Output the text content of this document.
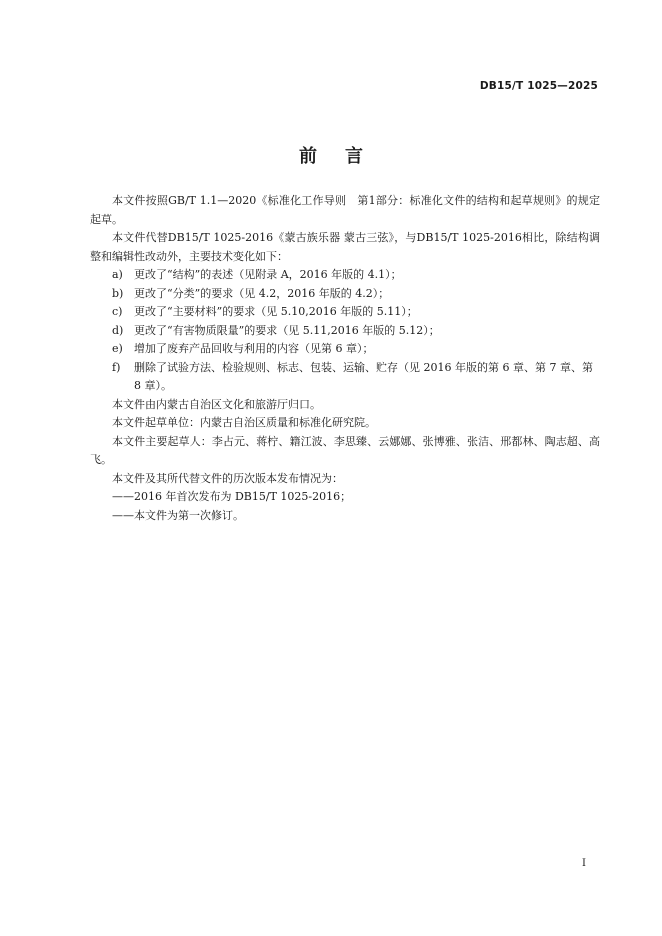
DB15/T 1025—2025
前言

本文件按照GB/T 1.1—2020《标准化工作导则　第1部分：标准化文件的结构和起草规则》的规定起草。

本文件代替DB15/T 1025-2016《蒙古族乐器 蒙古三弦》，与DB15/T 1025-2016相比，除结构调整和编辑性改动外，主要技术变化如下：

a)	更改了“结构”的表述（见附录 A，2016 年版的 4.1）；
b) 更改了“分类”的要求（见 4.2，2016 年版的 4.2）；
c)	更改了“主要材料”的要求（见 5.10,2016 年版的 5.11）；
d) 更改了“有害物质限量”的要求（见 5.11,2016 年版的 5.12）；
e)	增加了废弃产品回收与利用的内容（见第 6 章）；
f)	删除了试验方法、检验规则、标志、包装、运输、贮存（见 2016 年版的第 6 章、第 7 章、第 8 章）。

本文件由内蒙古自治区文化和旅游厅归口。

本文件起草单位：内蒙古自治区质量和标准化研究院。

本文件主要起草人：李占元、蒋柠、籍江波、李思臻、云娜娜、张博雅、张洁、邢都林、陶志超、高飞。

本文件及其所代替文件的历次版本发布情况为：

——2016 年首次发布为 DB15/T 1025-2016；

——本文件为第一次修订。

I
